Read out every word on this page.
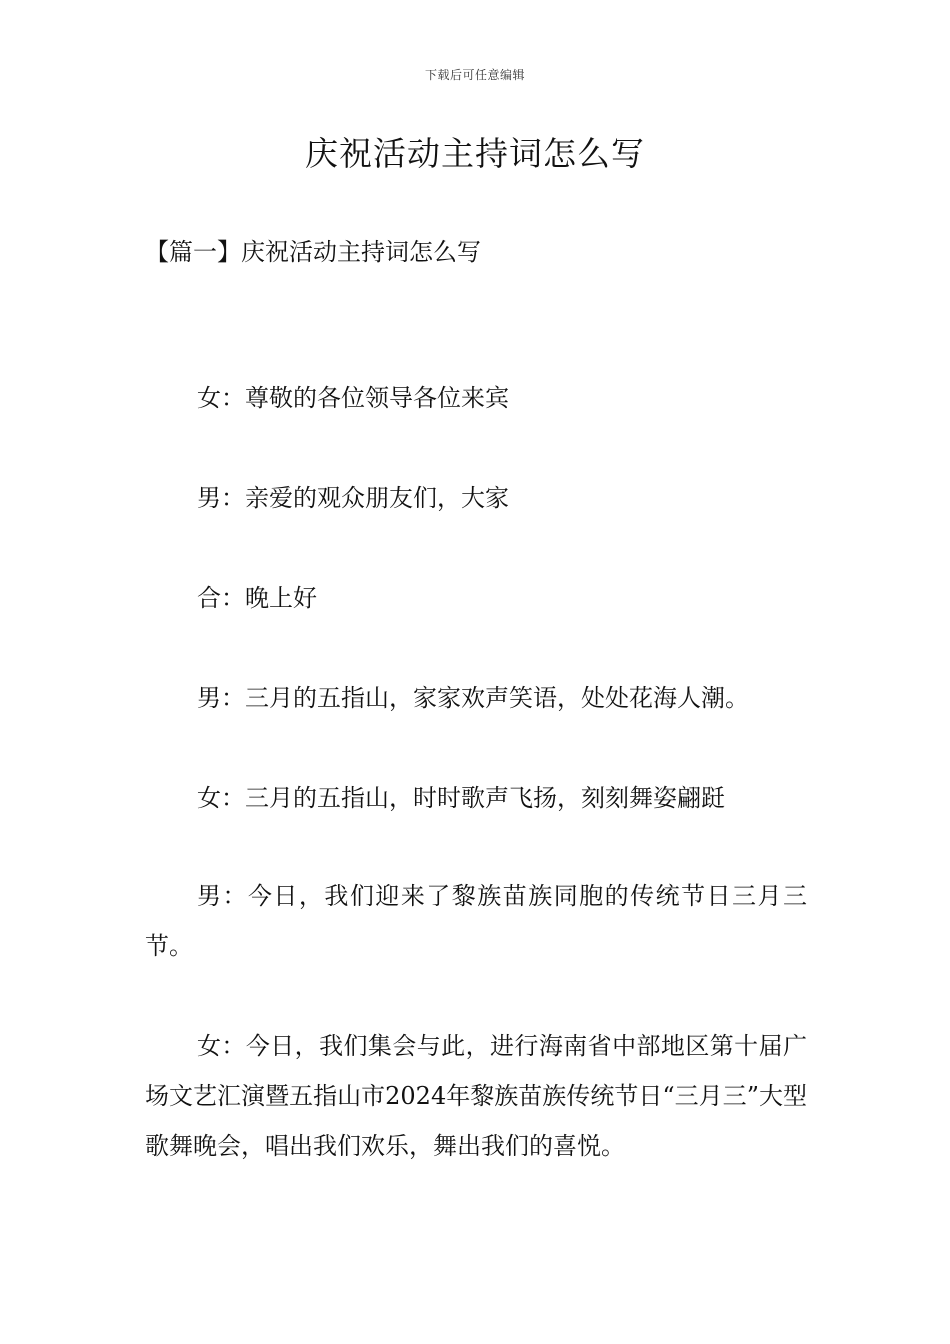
下载后可任意编辑
庆祝活动主持词怎么写
【篇一】庆祝活动主持词怎么写

女：尊敬的各位领导各位来宾

男：亲爱的观众朋友们，大家

合：晚上好

男：三月的五指山，家家欢声笑语，处处花海人潮。

女：三月的五指山，时时歌声飞扬，刻刻舞姿翩跹

男：今日，我们迎来了黎族苗族同胞的传统节日三月三节。

女：今日，我们集会与此，进行海南省中部地区第十届广场文艺汇演暨五指山市2024年黎族苗族传统节日“三月三”大型歌舞晚会，唱出我们欢乐，舞出我们的喜悦。
